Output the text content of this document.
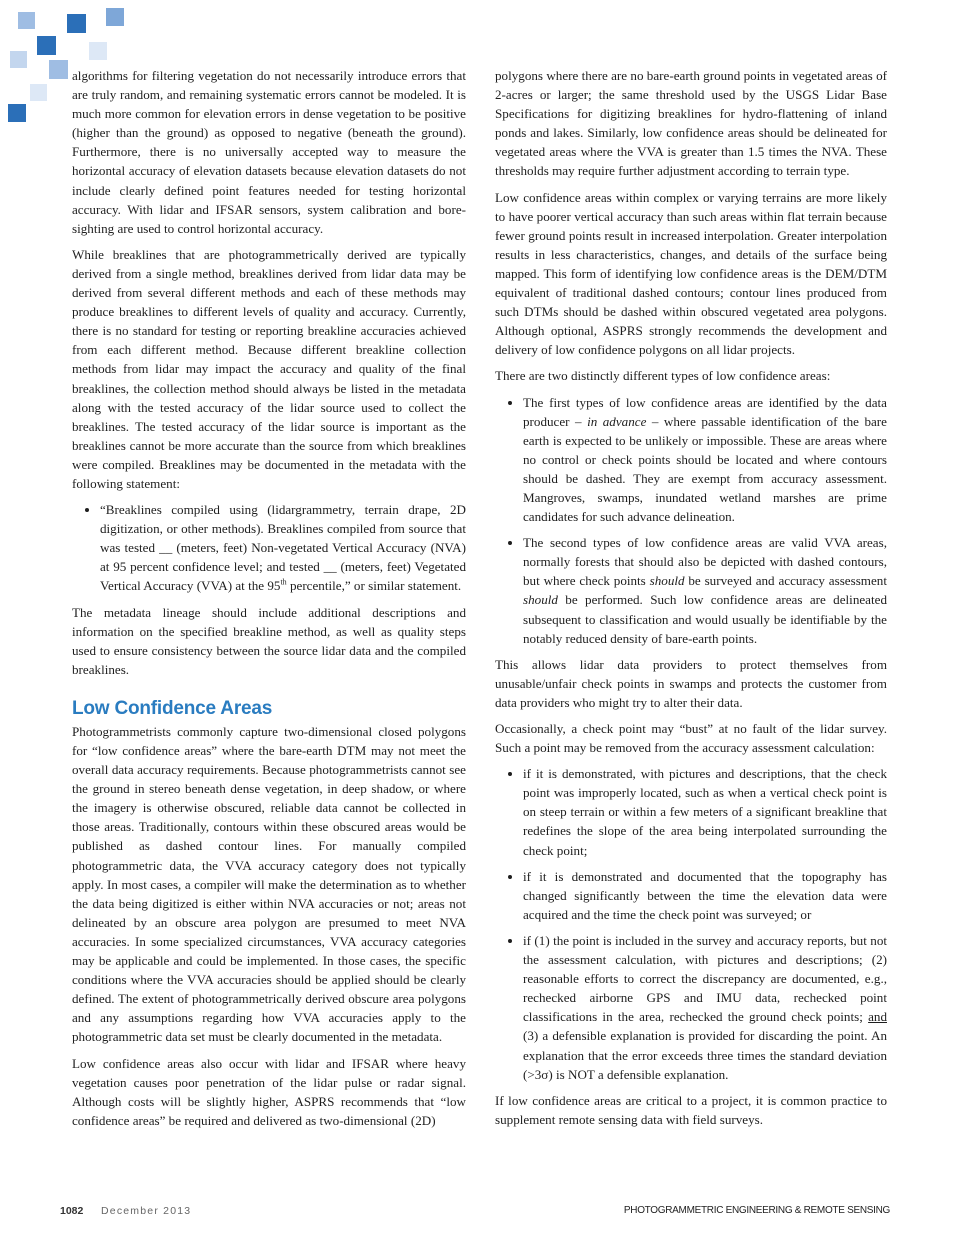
algorithms for filtering vegetation do not necessarily introduce errors that are truly random, and remaining systematic errors cannot be modeled. It is much more common for elevation errors in dense vegetation to be positive (higher than the ground) as opposed to negative (beneath the ground). Furthermore, there is no universally accepted way to measure the horizontal accuracy of elevation datasets because elevation datasets do not include clearly defined point features needed for testing horizontal accuracy. With lidar and IFSAR sensors, system calibration and bore-sighting are used to control horizontal accuracy.

While breaklines that are photogrammetrically derived are typically derived from a single method, breaklines derived from lidar data may be derived from several different methods and each of these methods may produce breaklines to different levels of quality and accuracy. Currently, there is no standard for testing or reporting breakline accuracies achieved from each different method. Because different breakline collection methods from lidar may impact the accuracy and quality of the final breaklines, the collection method should always be listed in the metadata along with the tested accuracy of the lidar source used to collect the breaklines. The tested accuracy of the lidar source is important as the breaklines cannot be more accurate than the source from which breaklines were compiled. Breaklines may be documented in the metadata with the following statement:

• “Breaklines compiled using (lidargrammetry, terrain drape, 2D digitization, or other methods). Breaklines compiled from source that was tested __ (meters, feet) Non-vegetated Vertical Accuracy (NVA) at 95 percent confidence level; and tested __ (meters, feet) Vegetated Vertical Accuracy (VVA) at the 95th percentile,” or similar statement.

The metadata lineage should include additional descriptions and information on the specified breakline method, as well as quality steps used to ensure consistency between the source lidar data and the compiled breaklines.

Low Confidence Areas

Photogrammetrists commonly capture two-dimensional closed polygons for “low confidence areas” where the bare-earth DTM may not meet the overall data accuracy requirements. Because photogrammetrists cannot see the ground in stereo beneath dense vegetation, in deep shadow, or where the imagery is otherwise obscured, reliable data cannot be collected in those areas. Traditionally, contours within these obscured areas would be published as dashed contour lines. For manually compiled photogrammetric data, the VVA accuracy category does not typically apply. In most cases, a compiler will make the determination as to whether the data being digitized is either within NVA accuracies or not; areas not delineated by an obscure area polygon are presumed to meet NVA accuracies. In some specialized circumstances, VVA accuracy categories may be applicable and could be implemented. In those cases, the specific conditions where the VVA accuracies should be applied should be clearly defined. The extent of photogrammetrically derived obscure area polygons and any assumptions regarding how VVA accuracies apply to the photogrammetric data set must be clearly documented in the metadata.

Low confidence areas also occur with lidar and IFSAR where heavy vegetation causes poor penetration of the lidar pulse or radar signal. Although costs will be slightly higher, ASPRS recommends that “low confidence areas” be required and delivered as two-dimensional (2D)

polygons where there are no bare-earth ground points in vegetated areas of 2-acres or larger; the same threshold used by the USGS Lidar Base Specifications for digitizing breaklines for hydro-flattening of inland ponds and lakes. Similarly, low confidence areas should be delineated for vegetated areas where the VVA is greater than 1.5 times the NVA. These thresholds may require further adjustment according to terrain type.

Low confidence areas within complex or varying terrains are more likely to have poorer vertical accuracy than such areas within flat terrain because fewer ground points result in increased interpolation. Greater interpolation results in less characteristics, changes, and details of the surface being mapped. This form of identifying low confidence areas is the DEM/DTM equivalent of traditional dashed contours; contour lines produced from such DTMs should be dashed within obscured vegetated area polygons. Although optional, ASPRS strongly recommends the development and delivery of low confidence polygons on all lidar projects.

There are two distinctly different types of low confidence areas:

• The first types of low confidence areas are identified by the data producer – in advance – where passable identification of the bare earth is expected to be unlikely or impossible. These are areas where no control or check points should be located and where contours should be dashed. They are exempt from accuracy assessment. Mangroves, swamps, inundated wetland marshes are prime candidates for such advance delineation.
• The second types of low confidence areas are valid VVA areas, normally forests that should also be depicted with dashed contours, but where check points should be surveyed and accuracy assessment should be performed. Such low confidence areas are delineated subsequent to classification and would usually be identifiable by the notably reduced density of bare-earth points.

This allows lidar data providers to protect themselves from unusable/unfair check points in swamps and protects the customer from data providers who might try to alter their data.

Occasionally, a check point may “bust” at no fault of the lidar survey. Such a point may be removed from the accuracy assessment calculation:

• if it is demonstrated, with pictures and descriptions, that the check point was improperly located, such as when a vertical check point is on steep terrain or within a few meters of a significant breakline that redefines the slope of the area being interpolated surrounding the check point;
• if it is demonstrated and documented that the topography has changed significantly between the time the elevation data were acquired and the time the check point was surveyed; or
• if (1) the point is included in the survey and accuracy reports, but not the assessment calculation, with pictures and descriptions; (2) reasonable efforts to correct the discrepancy are documented, e.g., rechecked airborne GPS and IMU data, rechecked point classifications in the area, rechecked the ground check points; and (3) a defensible explanation is provided for discarding the point. An explanation that the error exceeds three times the standard deviation (>3σ) is NOT a defensible explanation.

If low confidence areas are critical to a project, it is common practice to supplement remote sensing data with field surveys.

1082 December 2013	PHOTOGRAMMETRIC ENGINEERING & REMOTE SENSING
